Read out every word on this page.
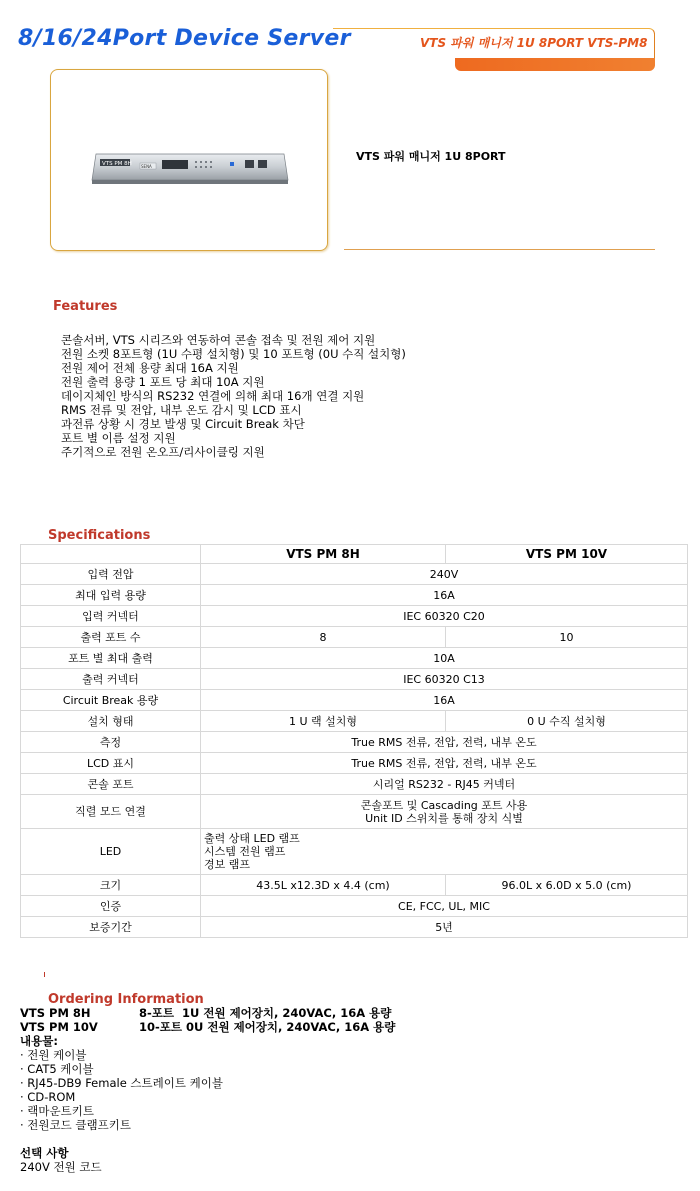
8/16/24Port Device Server	VTS 파워 매니저 1U 8PORT VTS-PM8
VTS PM 8H SENA
VTS 파워 매니저 1U 8PORT
Features
콘솔서버, VTS 시리즈와 연동하여 콘솔 접속 및 전원 제어 지원
전원 소켓 8포트형 (1U 수평 설치형) 및 10 포트형 (0U 수직 설치형)
전원 제어 전체 용량 최대 16A 지원
전원 출력 용량 1 포트 당 최대 10A 지원
데이지체인 방식의 RS232 연결에 의해 최대 16개 연결 지원
RMS 전류 및 전압, 내부 온도 감시 및 LCD 표시
과전류 상황 시 경보 발생 및 Circuit Break 차단
포트 별 이름 설정 지원
주기적으로 전원 온오프/리사이클링 지원
Specifications
	VTS PM 8H	VTS PM 10V
입력 전압	240V	
최대 입력 용량	16A	
입력 커넥터	IEC 60320 C20	
출력 포트 수	8	10
포트 별 최대 출력	10A	
출력 커넥터	IEC 60320 C13	
Circuit Break 용량	16A	
설치 형태	1 U 랙 설치형	0 U 수직 설치형
측정	True RMS 전류, 전압, 전력, 내부 온도	
LCD 표시	True RMS 전류, 전압, 전력, 내부 온도	
콘솔 포트	시리얼 RS232 - RJ45 커넥터	
직렬 모드 연결	콘솔포트 및 Cascading 포트 사용
Unit ID 스위치를 통해 장치 식별	

LED	출력 상태 LED 램프
시스템 전원 램프
경보 램프	

크기	43.5L x12.3D x 4.4 (cm)	96.0L x 6.0D x 5.0 (cm)
인증	CE, FCC, UL, MIC	
보증기간	5년	
Ordering Information
VTS PM 8H	8-포트  1U 전원 제어장치, 240VAC, 16A 용량
VTS PM 10V	10-포트 0U 전원 제어장치, 240VAC, 16A 용량
내용물:
· 전원 케이블
· CAT5 케이블
· RJ45-DB9 Female 스트레이트 케이블
· CD-ROM
· 랙마운트키트
· 전원코드 클램프키트
선택 사항
240V 전원 코드
